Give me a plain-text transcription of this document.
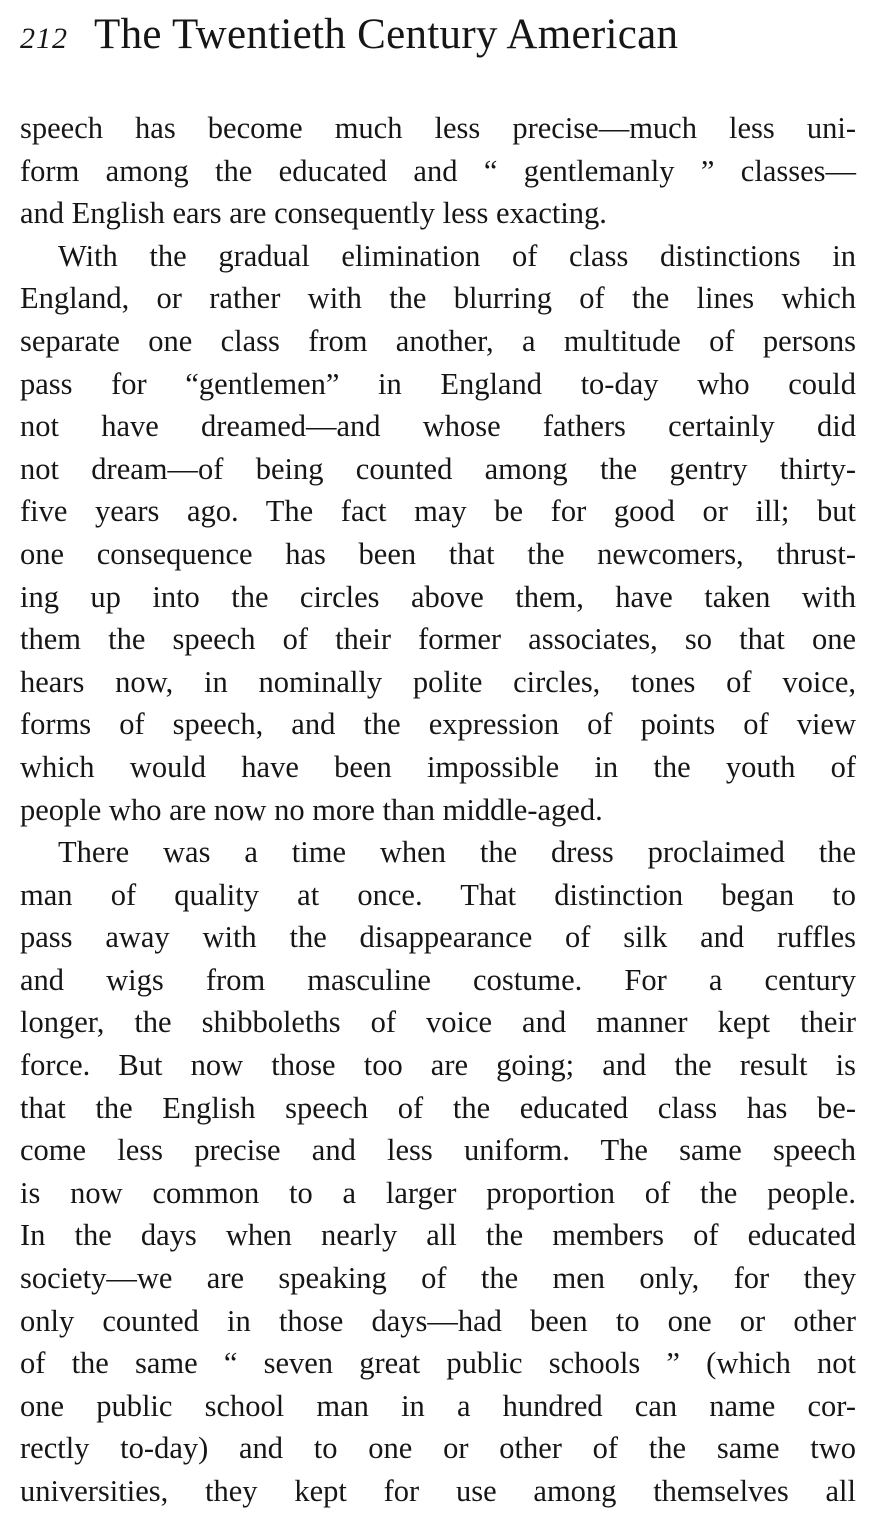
212 The Twentieth Century American
speech has become much less precise—much less uni-
form among the educated and “ gentlemanly ” classes—
and English ears are consequently less exacting.
With the gradual elimination of class distinctions in
England, or rather with the blurring of the lines which
separate one class from another, a multitude of persons
pass for “gentlemen” in England to-day who could
not have dreamed—and whose fathers certainly did
not dream—of being counted among the gentry thirty-
five years ago. The fact may be for good or ill; but
one consequence has been that the newcomers, thrust-
ing up into the circles above them, have taken with
them the speech of their former associates, so that one
hears now, in nominally polite circles, tones of voice,
forms of speech, and the expression of points of view
which would have been impossible in the youth of
people who are now no more than middle-aged.
There was a time when the dress proclaimed the
man of quality at once. That distinction began to
pass away with the disappearance of silk and ruffles
and wigs from masculine costume. For a century
longer, the shibboleths of voice and manner kept their
force. But now those too are going; and the result is
that the English speech of the educated class has be-
come less precise and less uniform. The same speech
is now common to a larger proportion of the people.
In the days when nearly all the members of educated
society—we are speaking of the men only, for they
only counted in those days—had been to one or other
of the same “ seven great public schools ” (which not
one public school man in a hundred can name cor-
rectly to-day) and to one or other of the same two
universities, they kept for use among themselves all
